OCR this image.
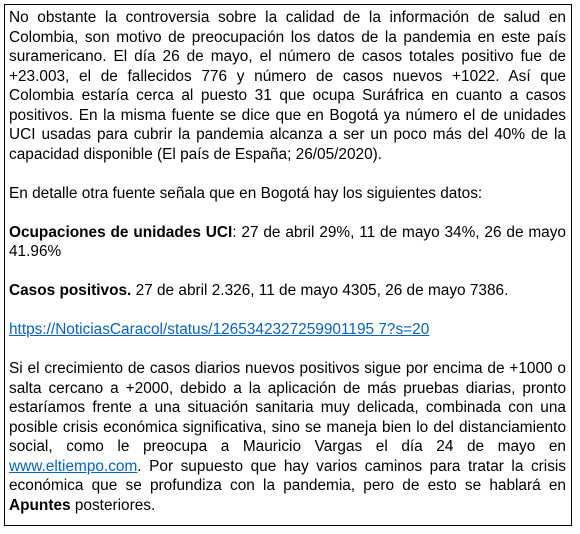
No obstante la controversia sobre la calidad de la información de salud en Colombia, son motivo de preocupación los datos de la pandemia en este país suramericano. El día 26 de mayo, el número de casos totales positivo fue de +23.003, el de fallecidos 776 y número de casos nuevos +1022. Así que Colombia estaría cerca al puesto 31 que ocupa Suráfrica en cuanto a casos positivos. En la misma fuente se dice que en Bogotá ya número el de unidades UCI usadas para cubrir la pandemia alcanza a ser un poco más del 40% de la capacidad disponible (El país de España; 26/05/2020).

En detalle otra fuente señala que en Bogotá hay los siguientes datos:

Ocupaciones de unidades UCI: 27 de abril 29%, 11 de mayo 34%, 26 de mayo 41.96%

Casos positivos. 27 de abril 2.326, 11 de mayo 4305, 26 de mayo 7386.

https://NoticiasCaracol/status/1265342327259901195 7?s=20

Si el crecimiento de casos diarios nuevos positivos sigue por encima de +1000 o salta cercano a +2000, debido a la aplicación de más pruebas diarias, pronto estaríamos frente a una situación sanitaria muy delicada, combinada con una posible crisis económica significativa, sino se maneja bien lo del distanciamiento social, como le preocupa a Mauricio Vargas el día 24 de mayo en www.eltiempo.com. Por supuesto que hay varios caminos para tratar la crisis económica que se profundiza con la pandemia, pero de esto se hablará en Apuntes posteriores.
